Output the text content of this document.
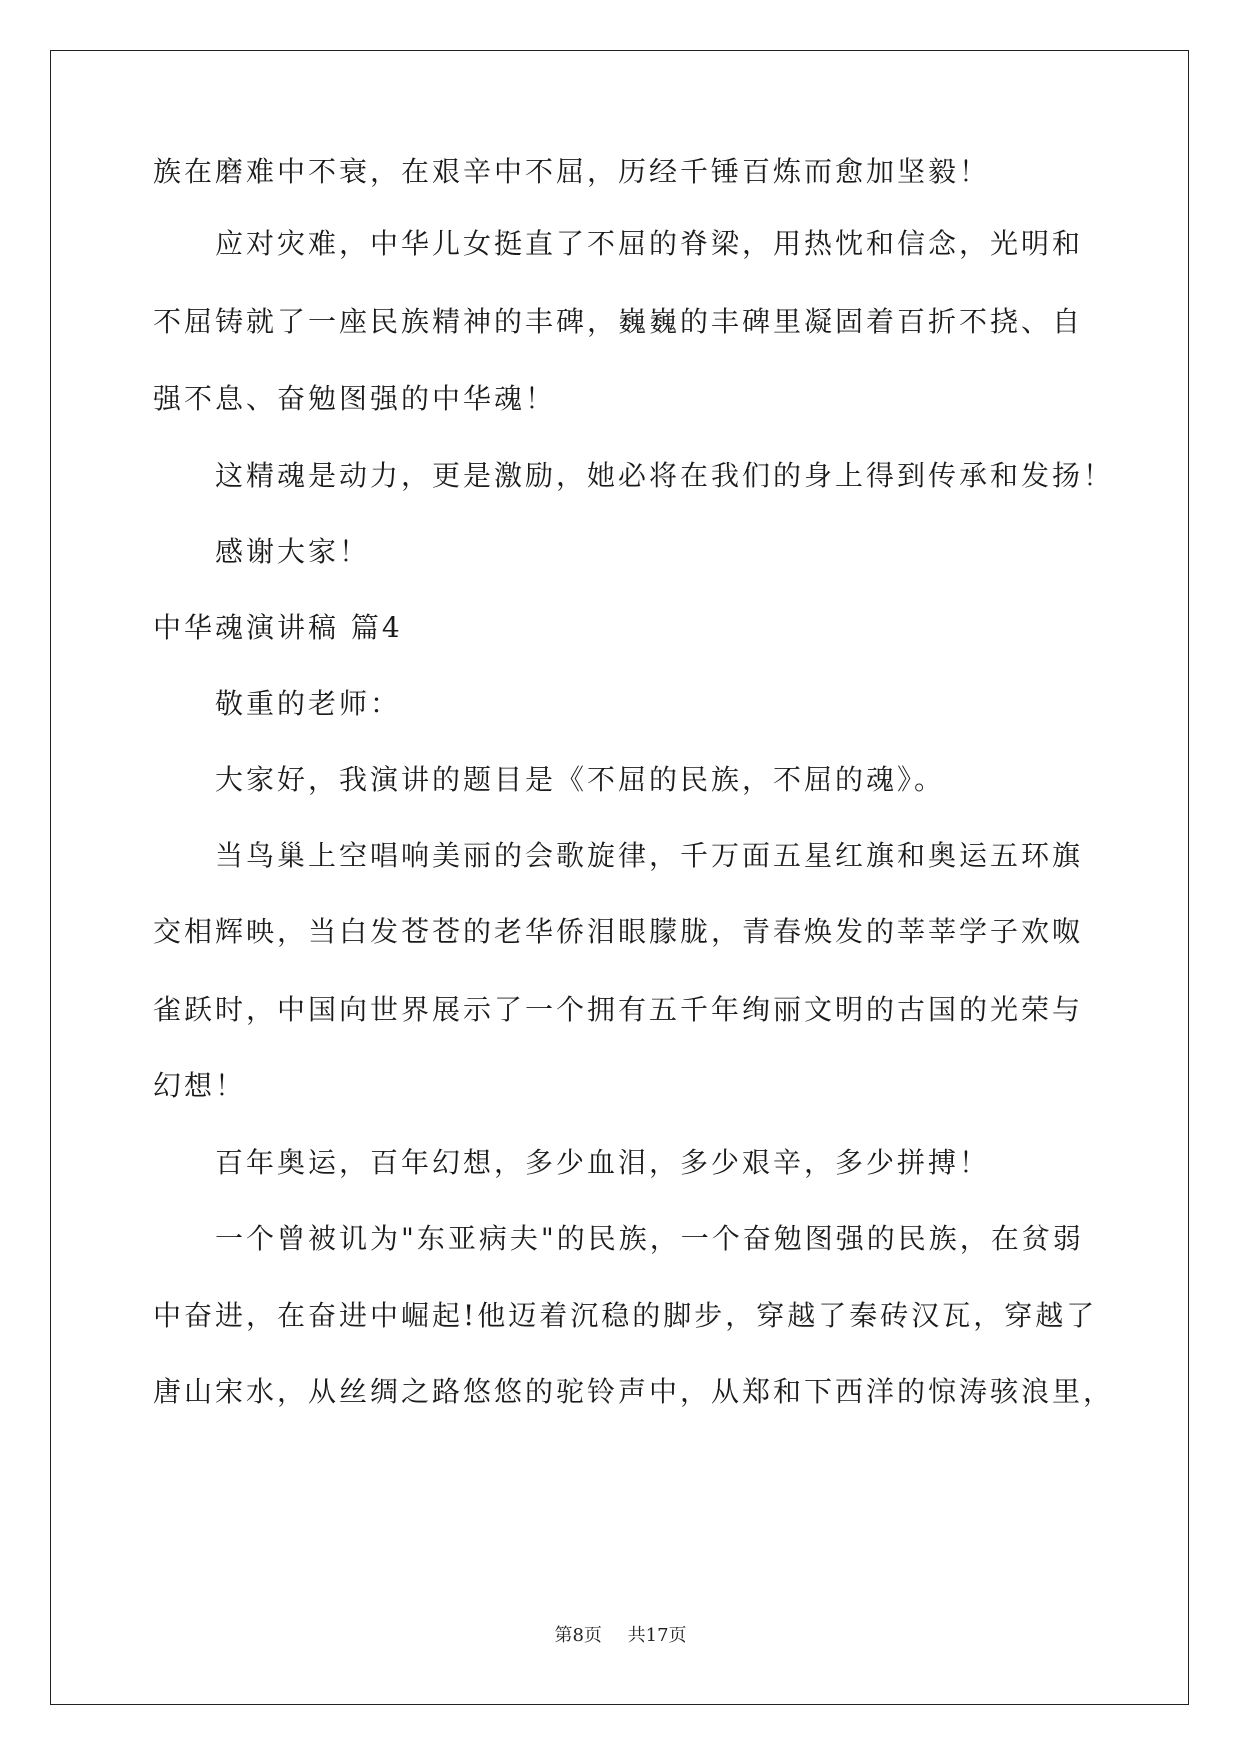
族在磨难中不衰，在艰辛中不屈，历经千锤百炼而愈加坚毅！
应对灾难，中华儿女挺直了不屈的脊梁，用热忱和信念，光明和
不屈铸就了一座民族精神的丰碑，巍巍的丰碑里凝固着百折不挠、自
强不息、奋勉图强的中华魂！
这精魂是动力，更是激励，她必将在我们的身上得到传承和发扬！
感谢大家！
中华魂演讲稿 篇4
敬重的老师：
大家好，我演讲的题目是《不屈的民族，不屈的魂》。
当鸟巢上空唱响美丽的会歌旋律，千万面五星红旗和奥运五环旗
交相辉映，当白发苍苍的老华侨泪眼朦胧，青春焕发的莘莘学子欢呶
雀跃时，中国向世界展示了一个拥有五千年绚丽文明的古国的光荣与
幻想！
百年奥运，百年幻想，多少血泪，多少艰辛，多少拼搏！
一个曾被讥为"东亚病夫"的民族，一个奋勉图强的民族，在贫弱
中奋进，在奋进中崛起!他迈着沉稳的脚步，穿越了秦砖汉瓦，穿越了
唐山宋水，从丝绸之路悠悠的驼铃声中，从郑和下西洋的惊涛骇浪里，
第8页 共17页
